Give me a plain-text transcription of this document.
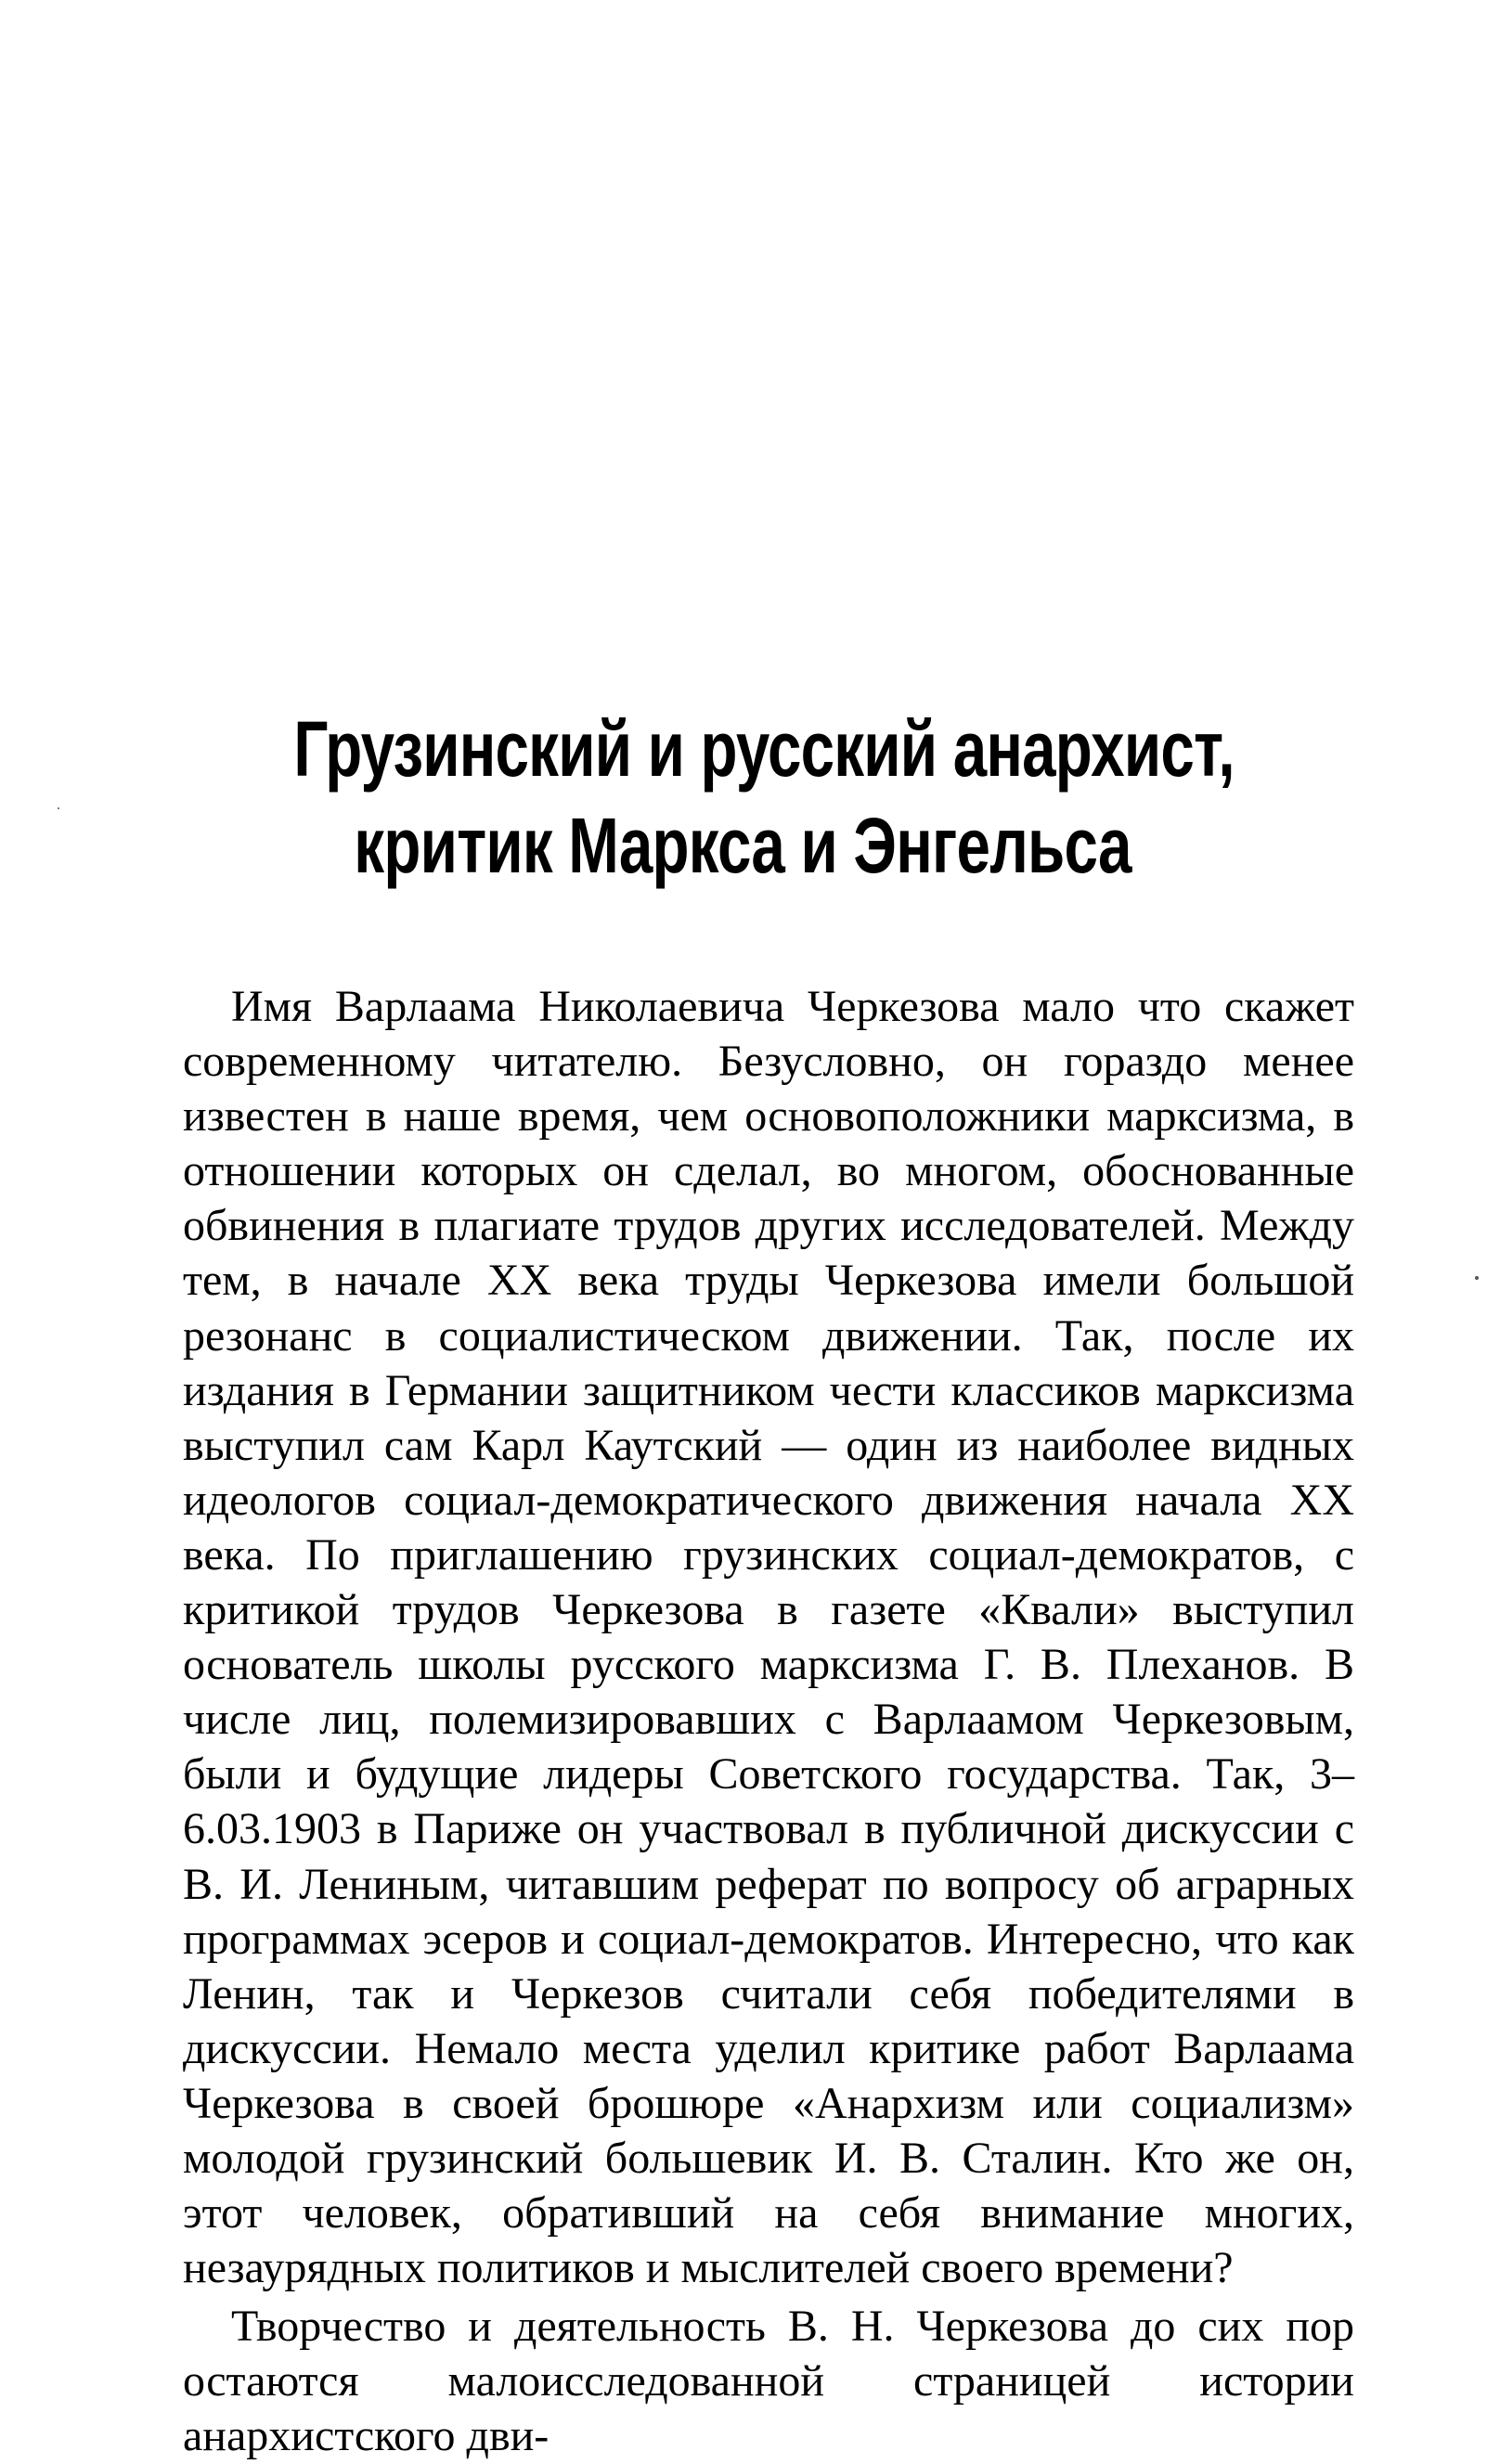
Грузинский и русский анархист,
критик Маркса и Энгельса

Имя Варлаама Николаевича Черкезова мало что скажет современному читателю. Безусловно, он гораздо менее известен в наше время, чем основоположники марксизма, в отношении которых он сделал, во многом, обоснованные обвинения в плагиате трудов других исследователей. Между тем, в начале XX века труды Черкезова имели большой резонанс в социалистическом движении. Так, после их издания в Германии защитником чести классиков марксизма выступил сам Карл Каутский — один из наиболее видных идеологов социал-демократического движения начала XX века. По приглашению грузинских социал-демократов, с критикой трудов Черкезова в газете «Квали» выступил основатель школы русского марксизма Г. В. Плеханов. В числе лиц, полемизировавших с Варлаамом Черкезовым, были и будущие лидеры Советского государства. Так, 3–6.03.1903 в Париже он участвовал в публичной дискуссии с В. И. Лениным, читавшим реферат по вопросу об аграрных программах эсеров и социал-демократов. Интересно, что как Ленин, так и Черкезов считали себя победителями в дискуссии. Немало места уделил критике работ Варлаама Черкезова в своей брошюре «Анархизм или социализм» молодой грузинский большевик И. В. Сталин. Кто же он, этот человек, обративший на себя внимание многих, незаурядных политиков и мыслителей своего времени?

Творчество и деятельность В. Н. Черкезова до сих пор остаются малоисследованной страницей истории анархистского дви-
